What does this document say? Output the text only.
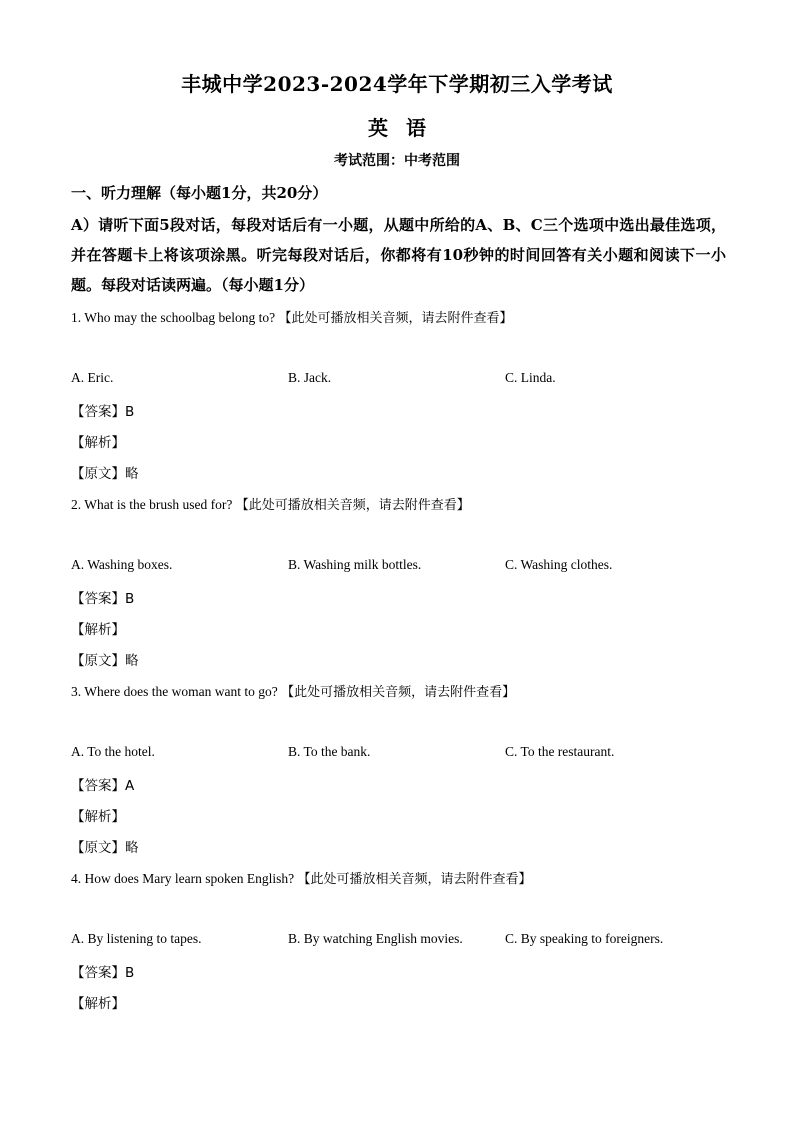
丰城中学2023-2024学年下学期初三入学考试
英语
考试范围：中考范围
一、听力理解（每小题1分，共20分）
A）请听下面5段对话，每段对话后有一小题，从题中所给的A、B、C三个选项中选出最佳选项，并在答题卡上将该项涂黑。听完每段对话后，你都将有10秒钟的时间回答有关小题和阅读下一小题。每段对话读两遍。（每小题1分）
1. Who may the schoolbag belong to? 【此处可播放相关音频，请去附件查看】
A. Eric.	B. Jack.	C. Linda.
【答案】B
【解析】
【原文】略
2. What is the brush used for? 【此处可播放相关音频，请去附件查看】
A. Washing boxes.	B. Washing milk bottles.	C. Washing clothes.
【答案】B
【解析】
【原文】略
3. Where does the woman want to go? 【此处可播放相关音频，请去附件查看】
A. To the hotel.	B. To the bank.	C. To the restaurant.
【答案】A
【解析】
【原文】略
4. How does Mary learn spoken English? 【此处可播放相关音频，请去附件查看】
A. By listening to tapes.	B. By watching English movies.	C. By speaking to foreigners.
【答案】B
【解析】
